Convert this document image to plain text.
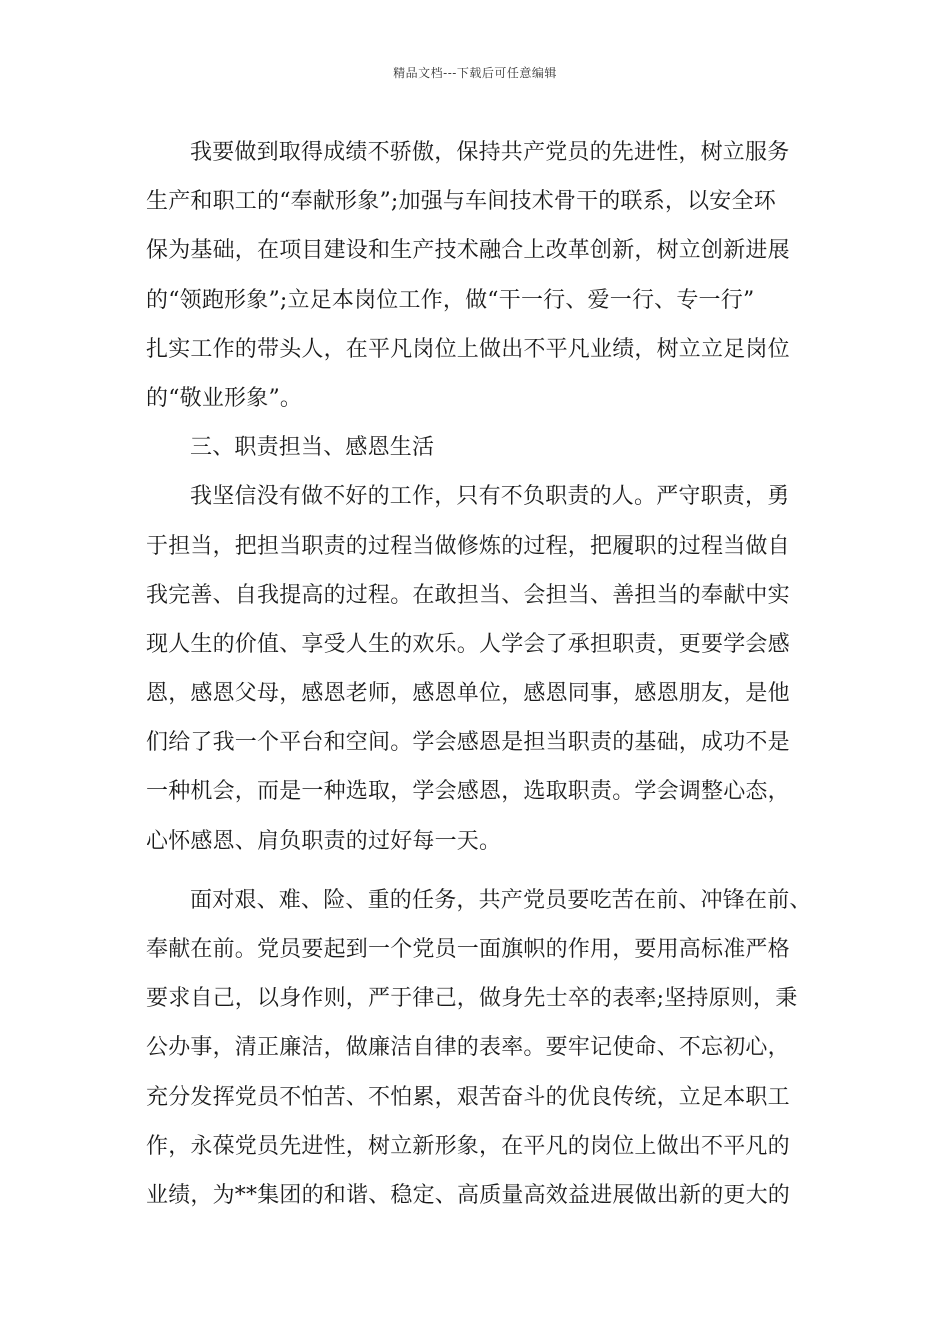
精品文档---下载后可任意编辑
我要做到取得成绩不骄傲，保持共产党员的先进性，树立服务
生产和职工的“奉献形象”;加强与车间技术骨干的联系，以安全环
保为基础，在项目建设和生产技术融合上改革创新，树立创新进展
的“领跑形象”;立足本岗位工作，做“干一行、爱一行、专一行”
扎实工作的带头人，在平凡岗位上做出不平凡业绩，树立立足岗位
的“敬业形象”。
三、职责担当、感恩生活
我坚信没有做不好的工作，只有不负职责的人。严守职责，勇
于担当，把担当职责的过程当做修炼的过程，把履职的过程当做自
我完善、自我提高的过程。在敢担当、会担当、善担当的奉献中实
现人生的价值、享受人生的欢乐。人学会了承担职责，更要学会感
恩，感恩父母，感恩老师，感恩单位，感恩同事，感恩朋友，是他
们给了我一个平台和空间。学会感恩是担当职责的基础，成功不是
一种机会，而是一种选取，学会感恩，选取职责。学会调整心态，
心怀感恩、肩负职责的过好每一天。
面对艰、难、险、重的任务，共产党员要吃苦在前、冲锋在前、
奉献在前。党员要起到一个党员一面旗帜的作用，要用高标准严格
要求自己，以身作则，严于律己，做身先士卒的表率;坚持原则，秉
公办事，清正廉洁，做廉洁自律的表率。要牢记使命、不忘初心，
充分发挥党员不怕苦、不怕累，艰苦奋斗的优良传统，立足本职工
作，永葆党员先进性，树立新形象，在平凡的岗位上做出不平凡的
业绩，为**集团的和谐、稳定、高质量高效益进展做出新的更大的
